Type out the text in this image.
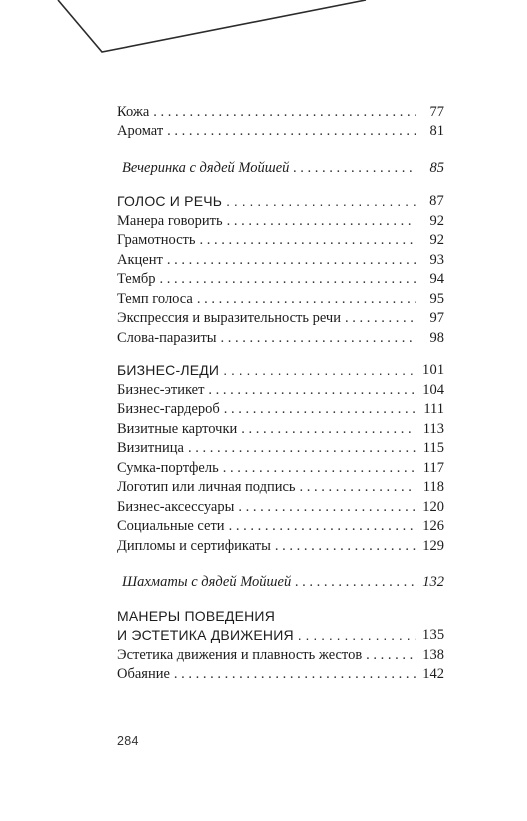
Кожа . . .	77
Аромат . . .	81
Вечеринка с дядей Мойшей . . .	85
ГОЛОС И РЕЧЬ . . .	87
Манера говорить . . .	92
Грамотность . . .	92
Акцент . . .	93
Тембр . . .	94
Темп голоса . . .	95
Экспрессия и выразительность речи . . .	97
Слова-паразиты . . .	98
БИЗНЕС-ЛЕДИ . . .	101
Бизнес-этикет . . .	104
Бизнес-гардероб . . .	111
Визитные карточки . . .	113
Визитница . . .	115
Сумка-портфель . . .	117
Логотип или личная подпись . . .	118
Бизнес-аксессуары . . .	120
Социальные сети . . .	126
Дипломы и сертификаты . . .	129
Шахматы с дядей Мойшей . . .	132
МАНЕРЫ ПОВЕДЕНИЯ
И ЭСТЕТИКА ДВИЖЕНИЯ . . .	135
Эстетика движения и плавность жестов . . .	138
Обаяние . . .	142
284
